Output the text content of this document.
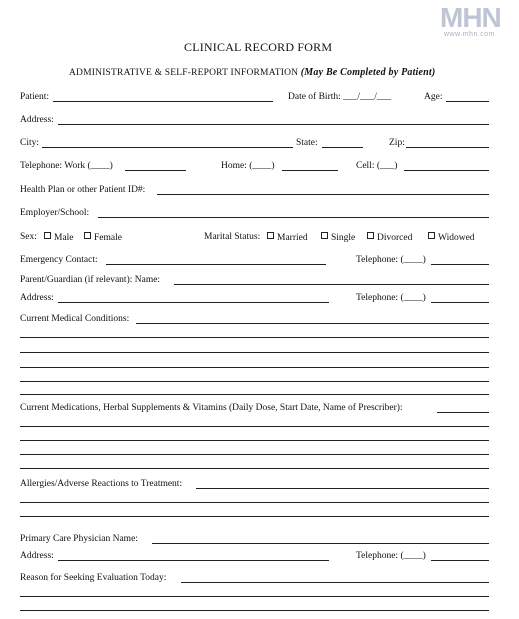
MHN
www.mhn.com
CLINICAL RECORD FORM
ADMINISTRATIVE & SELF-REPORT INFORMATION (May Be Completed by Patient)
Patient:	Date of Birth: ___/___/___	Age:
Address:
City:	State:	Zip:
Telephone: Work (____)	Home: (____)	Cell: (___)
Health Plan or other Patient ID#:
Employer/School:
Sex:	Male	Female	Marital Status:	Married	Single	Divorced	Widowed
Emergency Contact:	Telephone: (____)
Parent/Guardian (if relevant): Name:
Address:	Telephone: (____)
Current Medical Conditions:
Current Medications, Herbal Supplements & Vitamins (Daily Dose, Start Date, Name of Prescriber):
Allergies/Adverse Reactions to Treatment:
Primary Care Physician Name:
Address:	Telephone: (____)
Reason for Seeking Evaluation Today:
